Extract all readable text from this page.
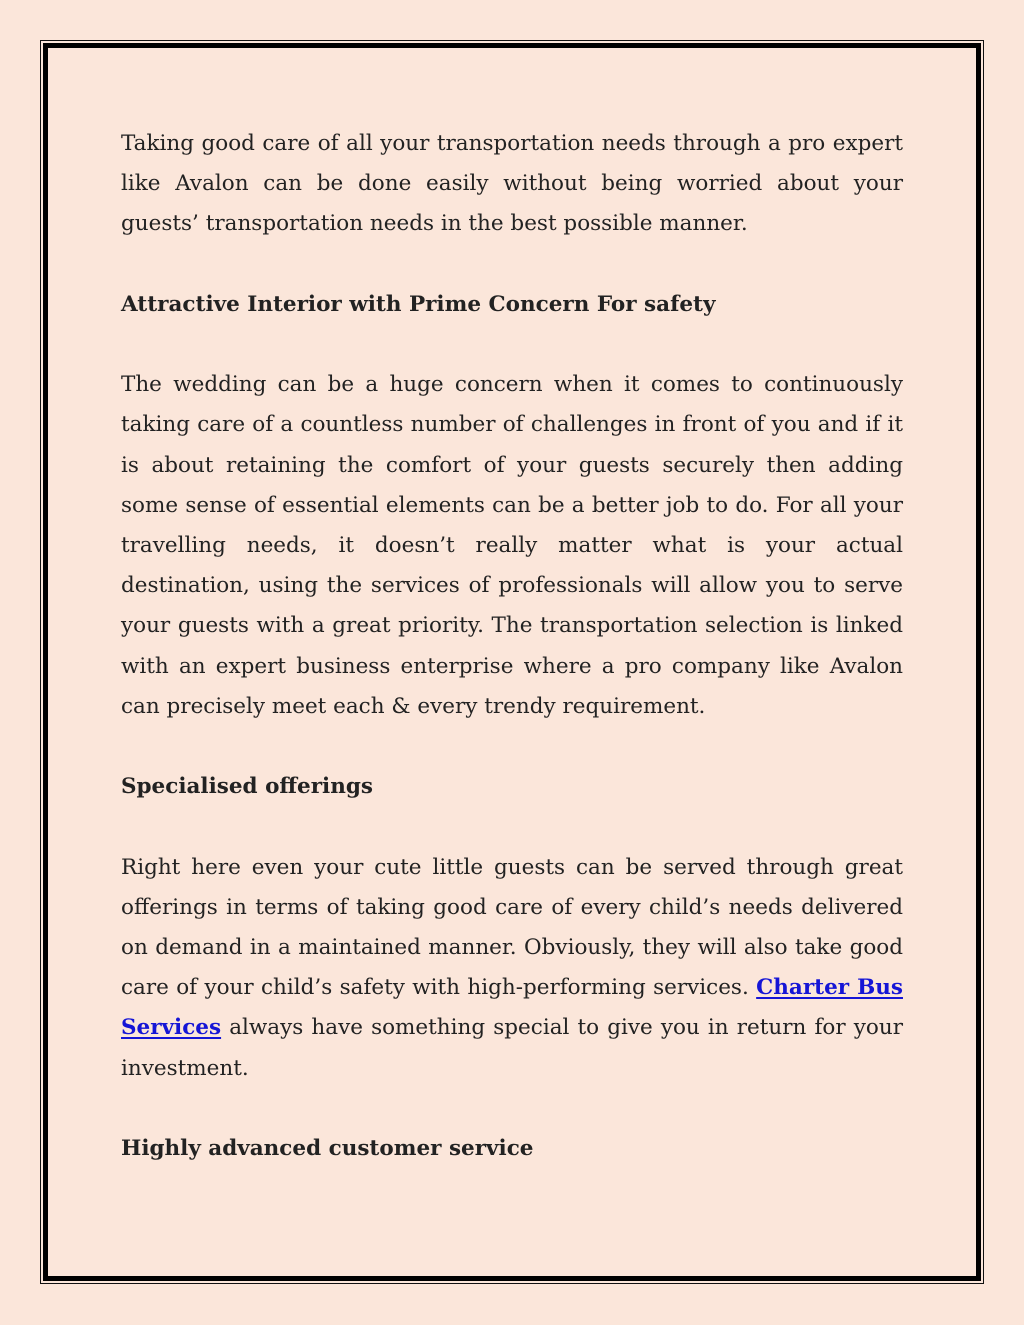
Taking good care of all your transportation needs through a pro expert like Avalon can be done easily without being worried about your guests’ transportation needs in the best possible manner.

Attractive Interior with Prime Concern For safety

The wedding can be a huge concern when it comes to continuously taking care of a countless number of challenges in front of you and if it is about retaining the comfort of your guests securely then adding some sense of essential elements can be a better job to do. For all your travelling needs, it doesn’t really matter what is your actual destination, using the services of professionals will allow you to serve your guests with a great priority. The transportation selection is linked with an expert business enterprise where a pro company like Avalon can precisely meet each & every trendy requirement.

Specialised offerings

Right here even your cute little guests can be served through great offerings in terms of taking good care of every child’s needs delivered on demand in a maintained manner. Obviously, they will also take good care of your child’s safety with high-performing services. Charter Bus Services always have something special to give you in return for your investment.

Highly advanced customer service
